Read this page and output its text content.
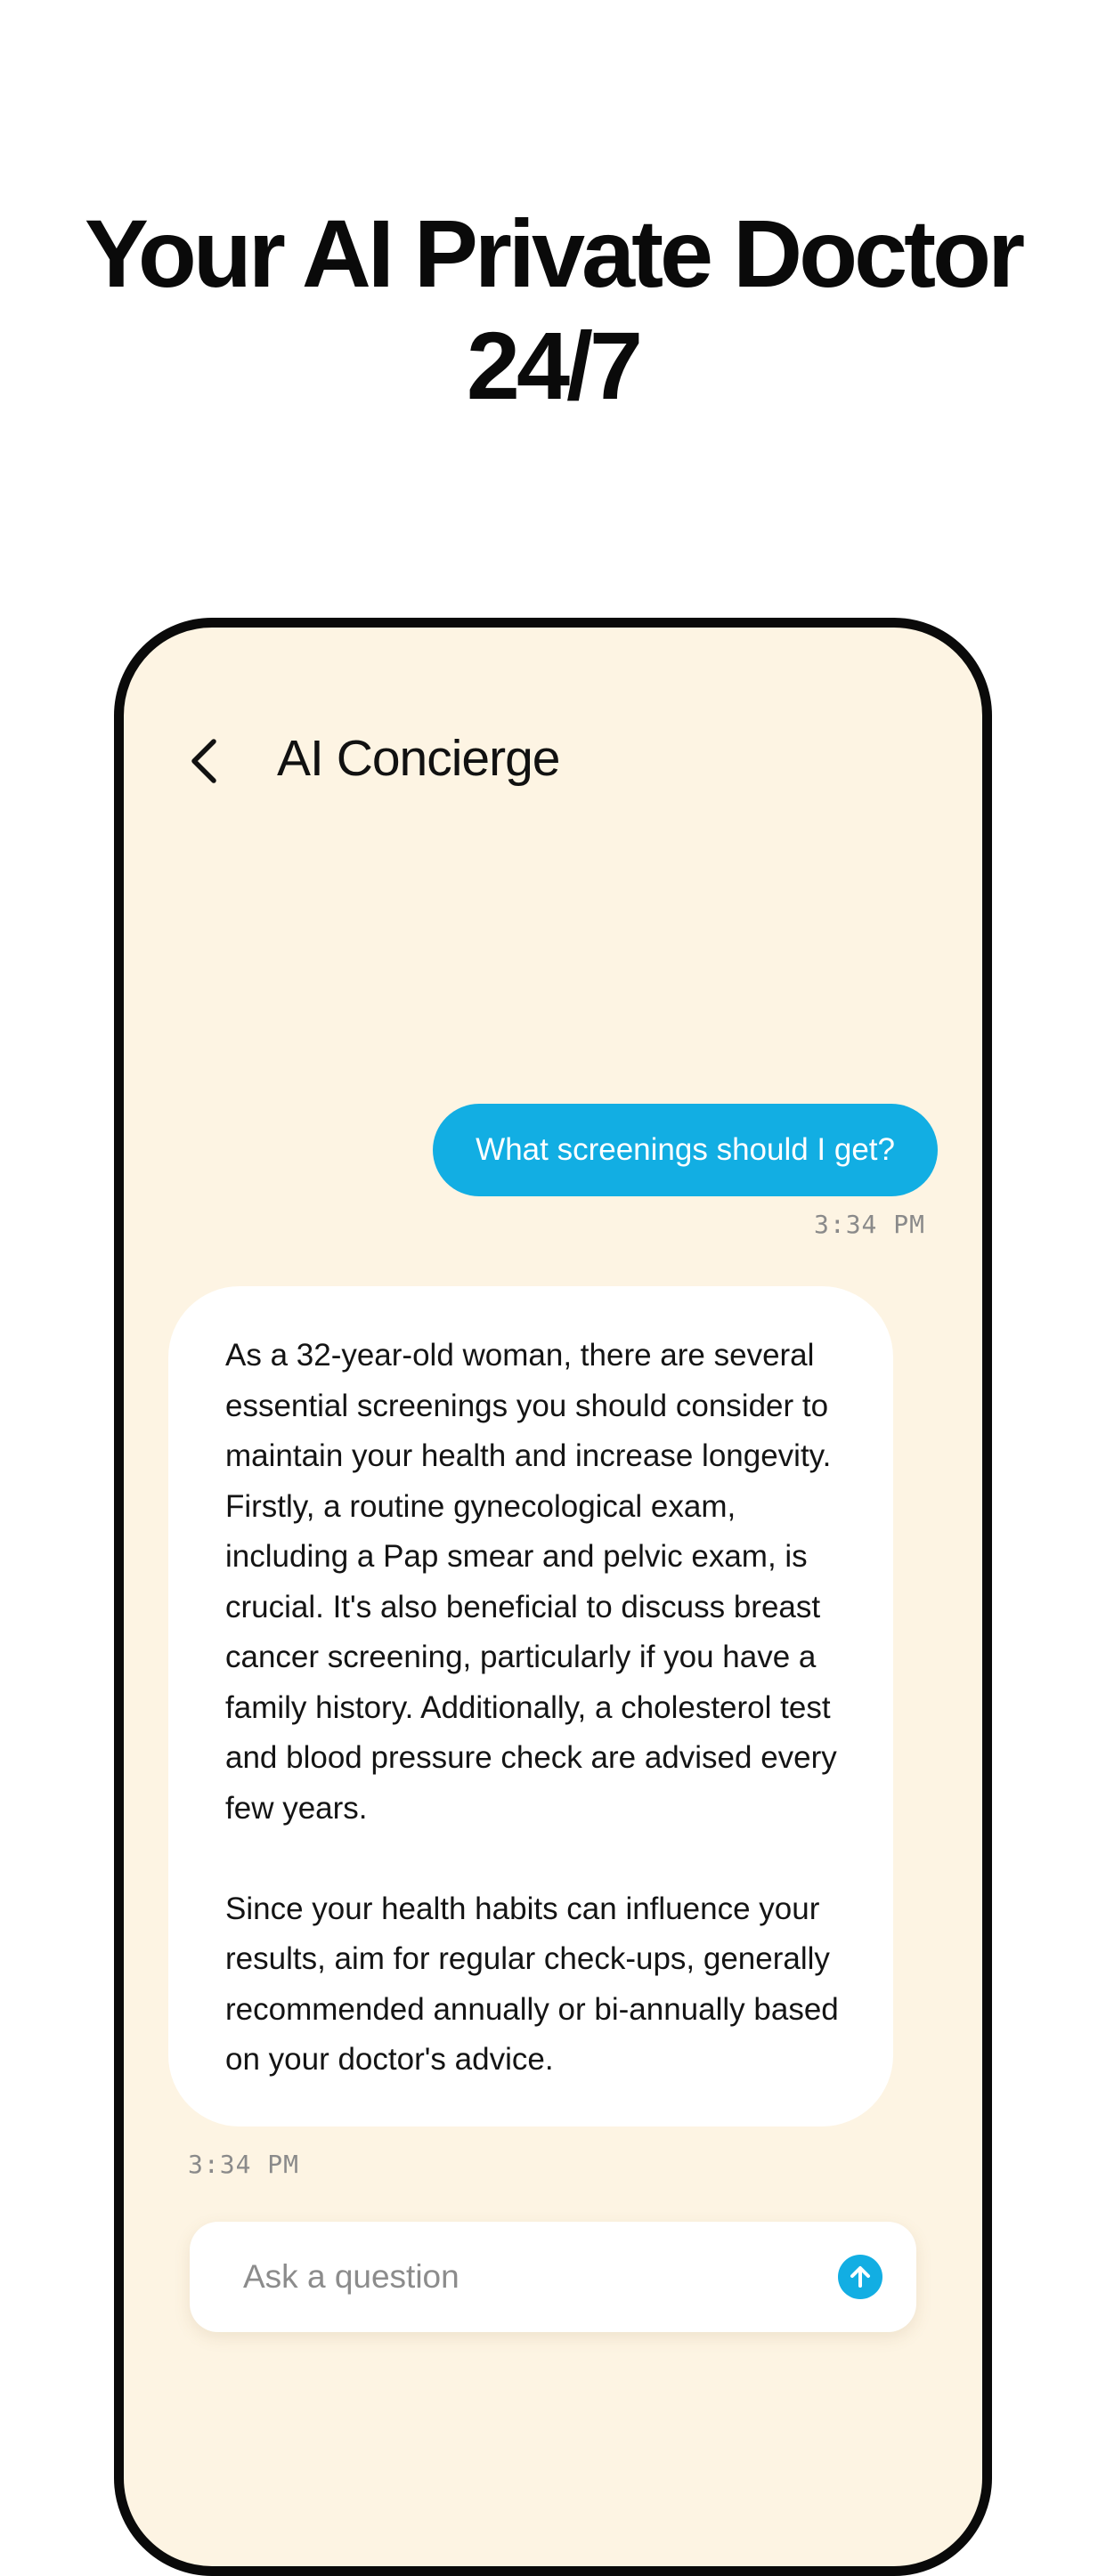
Your AI Private Doctor
24/7
AI Concierge
What screenings should I get?
3:34 PM

As a 32-year-old woman, there are several essential screenings you should consider to maintain your health and increase longevity. Firstly, a routine gynecological exam, including a Pap smear and pelvic exam, is crucial. It's also beneficial to discuss breast cancer screening, particularly if you have a family history. Additionally, a cholesterol test and blood pressure check are advised every few years.

Since your health habits can influence your results, aim for regular check-ups, generally recommended annually or bi-annually based on your doctor's advice.

3:34 PM
Ask a question
